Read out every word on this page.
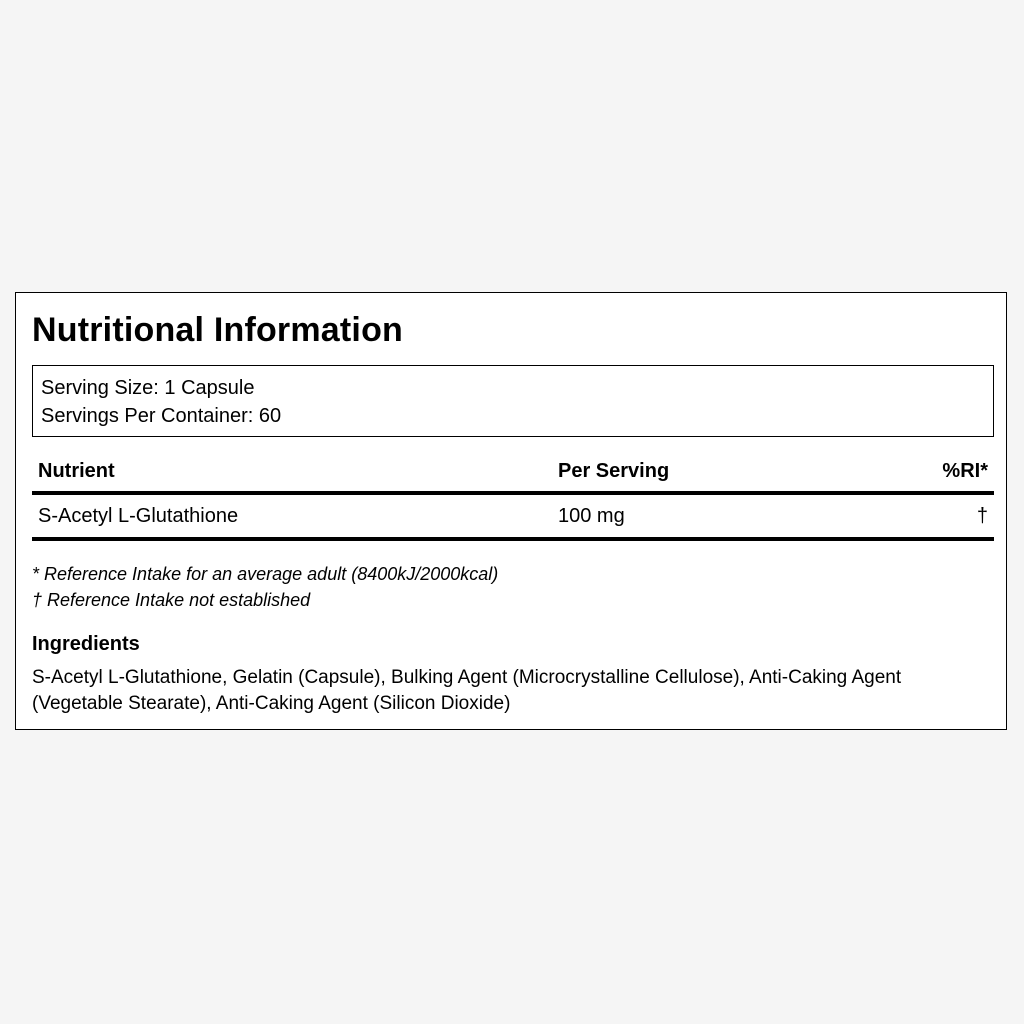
Nutritional Information
Serving Size: 1 Capsule
Servings Per Container: 60
Nutrient	Per Serving	%RI*
S-Acetyl L-Glutathione	100 mg	†
* Reference Intake for an average adult (8400kJ/2000kcal)
† Reference Intake not established
Ingredients
S-Acetyl L-Glutathione, Gelatin (Capsule), Bulking Agent (Microcrystalline Cellulose), Anti-Caking Agent (Vegetable Stearate), Anti-Caking Agent (Silicon Dioxide)
